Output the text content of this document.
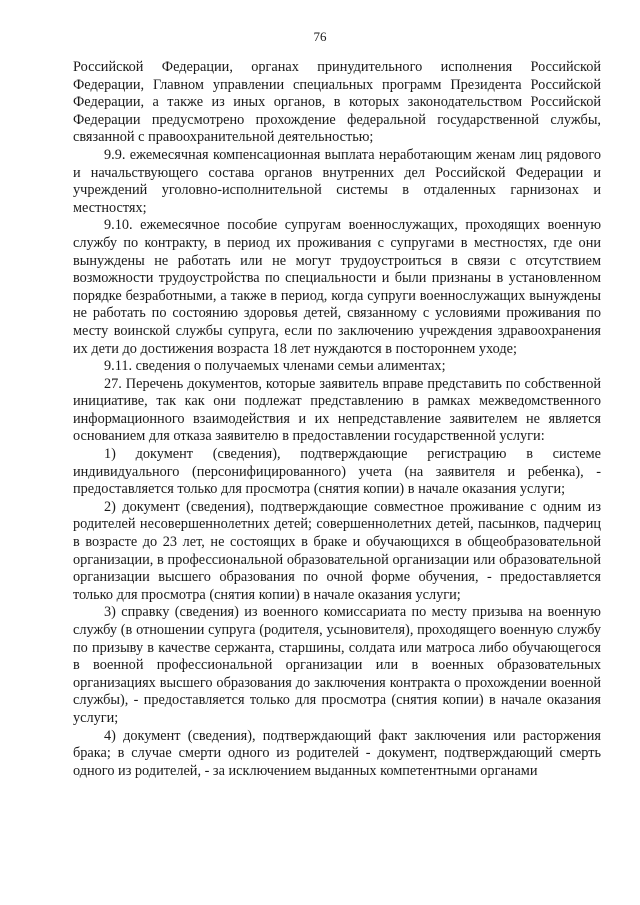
76

Российской Федерации, органах принудительного исполнения Российской Федерации, Главном управлении специальных программ Президента Российской Федерации, а также из иных органов, в которых законодательством Российской Федерации предусмотрено прохождение федеральной государственной службы, связанной с правоохранительной деятельностью;

9.9. ежемесячная компенсационная выплата неработающим женам лиц рядового и начальствующего состава органов внутренних дел Российской Федерации и учреждений уголовно-исполнительной системы в отдаленных гарнизонах и местностях;

9.10. ежемесячное пособие супругам военнослужащих, проходящих военную службу по контракту, в период их проживания с супругами в местностях, где они вынуждены не работать или не могут трудоустроиться в связи с отсутствием возможности трудоустройства по специальности и были признаны в установленном порядке безработными, а также в период, когда супруги военнослужащих вынуждены не работать по состоянию здоровья детей, связанному с условиями проживания по месту воинской службы супруга, если по заключению учреждения здравоохранения их дети до достижения возраста 18 лет нуждаются в постороннем уходе;

9.11. сведения о получаемых членами семьи алиментах;

27. Перечень документов, которые заявитель вправе представить по собственной инициативе, так как они подлежат представлению в рамках межведомственного информационного взаимодействия и их непредставление заявителем не является основанием для отказа заявителю в предоставлении государственной услуги:

1) документ (сведения), подтверждающие регистрацию в системе индивидуального (персонифицированного) учета (на заявителя и ребенка), - предоставляется только для просмотра (снятия копии) в начале оказания услуги;

2) документ (сведения), подтверждающие совместное проживание с одним из родителей несовершеннолетних детей; совершеннолетних детей, пасынков, падчериц в возрасте до 23 лет, не состоящих в браке и обучающихся в общеобразовательной организации, в профессиональной образовательной организации или образовательной организации высшего образования по очной форме обучения, - предоставляется только для просмотра (снятия копии) в начале оказания услуги;

3) справку (сведения) из военного комиссариата по месту призыва на военную службу (в отношении супруга (родителя, усыновителя), проходящего военную службу по призыву в качестве сержанта, старшины, солдата или матроса либо обучающегося в военной профессиональной организации или в военных образовательных организациях высшего образования до заключения контракта о прохождении военной службы), - предоставляется только для просмотра (снятия копии) в начале оказания услуги;

4) документ (сведения), подтверждающий факт заключения или расторжения брака; в случае смерти одного из родителей - документ, подтверждающий смерть одного из родителей, - за исключением выданных компетентными органами
